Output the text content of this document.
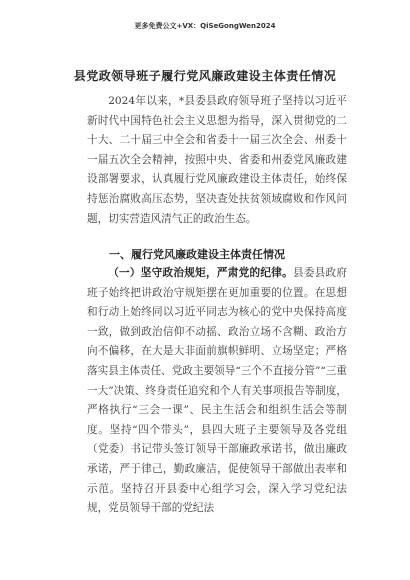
更多免费公文+VX：QiSeGongWen2024
县党政领导班子履行党风廉政建设主体责任情况
2024年以来，*县委县政府领导班子坚持以习近平新时代中国特色社会主义思想为指导，深入贯彻党的二十大、二十届三中全会和省委十一届三次全会、州委十一届五次全会精神，按照中央、省委和州委党风廉政建设部署要求，认真履行党风廉政建设主体责任，始终保持惩治腐败高压态势，坚决查处扶贫领域腐败和作风问题，切实营造风清气正的政治生态。
一、履行党风廉政建设主体责任情况
（一）坚守政治规矩，严肃党的纪律。县委县政府班子始终把讲政治守规矩摆在更加重要的位置。在思想和行动上始终同以习近平同志为核心的党中央保持高度一致，做到政治信仰不动摇、政治立场不含糊、政治方向不偏移，在大是大非面前旗帜鲜明、立场坚定；严格落实县主体责任、党政主要领导“三个不直接分管”“三重一大”决策、终身责任追究和个人有关事项报告等制度，严格执行“三会一课”、民主生活会和组织生活会等制度。坚持“四个带头”，县四大班子主要领导及各党组（党委）书记带头签订领导干部廉政承诺书，做出廉政承诺，严于律己，勤政廉洁，促使领导干部做出表率和示范。坚持召开县委中心组学习会，深入学习党纪法规，党员领导干部的党纪法
